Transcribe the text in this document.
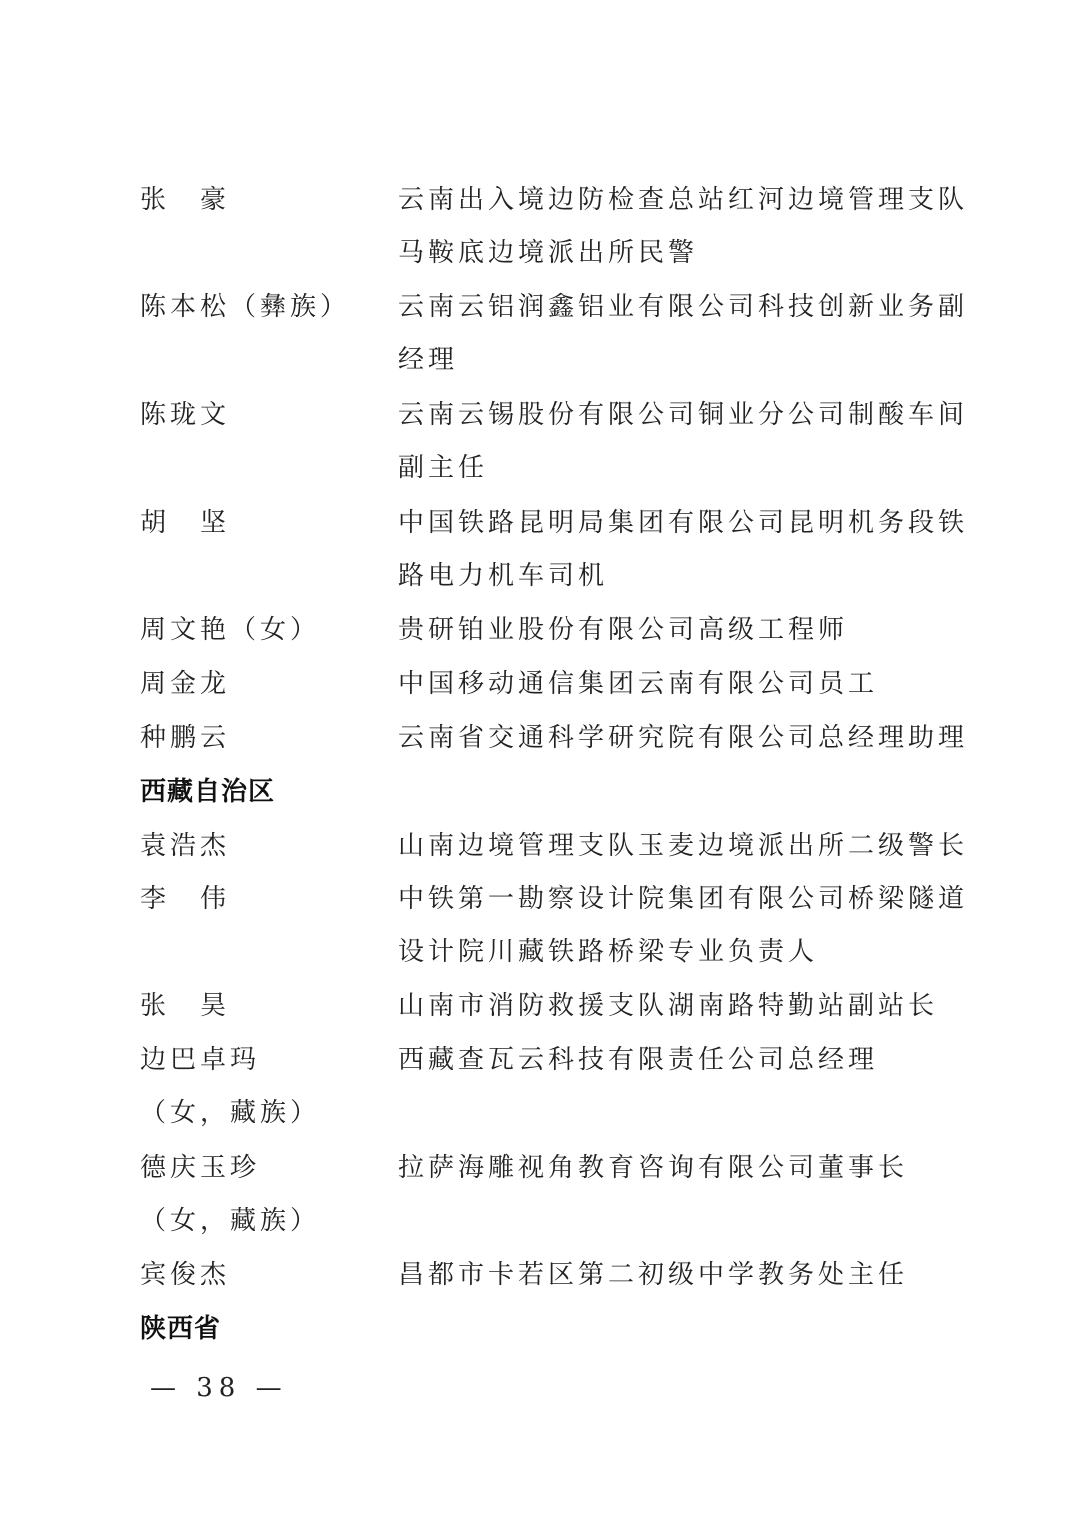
张　豪	云南出入境边防检查总站红河边境管理支队
马鞍底边境派出所民警
陈本松（彝族） 云南云铝润鑫铝业有限公司科技创新业务副
经理
陈珑文	云南云锡股份有限公司铜业分公司制酸车间
副主任
胡　坚	中国铁路昆明局集团有限公司昆明机务段铁
路电力机车司机
周文艳（女）	贵研铂业股份有限公司高级工程师
周金龙	中国移动通信集团云南有限公司员工
种鹏云	云南省交通科学研究院有限公司总经理助理
西藏自治区
袁浩杰	山南边境管理支队玉麦边境派出所二级警长
李　伟	中铁第一勘察设计院集团有限公司桥梁隧道
设计院川藏铁路桥梁专业负责人
张　昊	山南市消防救援支队湖南路特勤站副站长
边巴卓玛	西藏查瓦云科技有限责任公司总经理
（女，藏族）
德庆玉珍	拉萨海雕视角教育咨询有限公司董事长
（女，藏族）
宾俊杰	昌都市卡若区第二初级中学教务处主任
陕西省
— 38 —
